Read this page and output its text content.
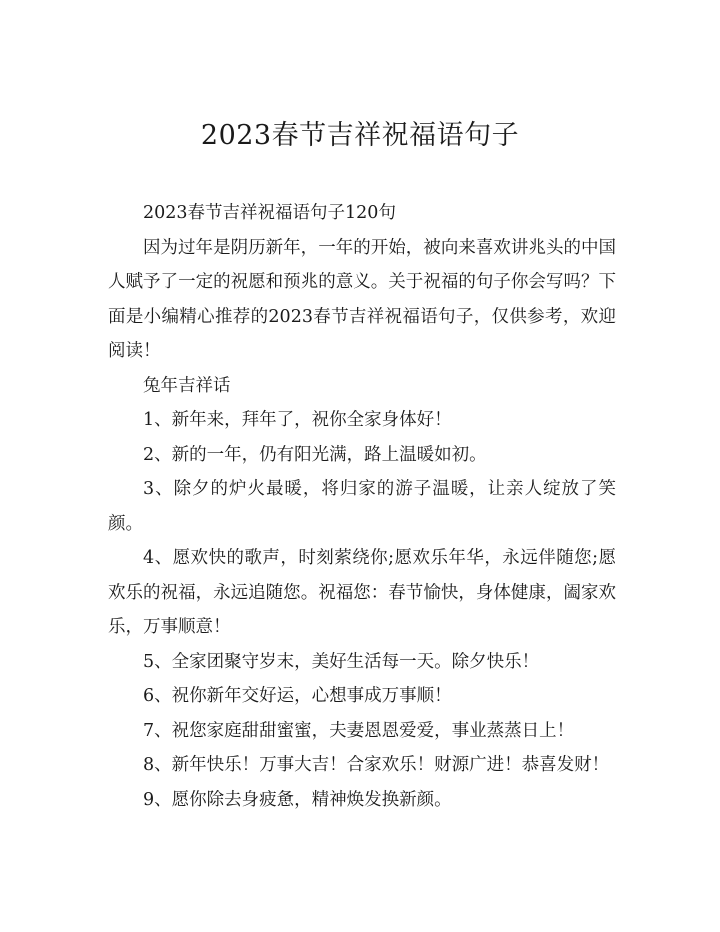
2023春节吉祥祝福语句子

2023春节吉祥祝福语句子120句

因为过年是阴历新年，一年的开始，被向来喜欢讲兆头的中国人赋予了一定的祝愿和预兆的意义。关于祝福的句子你会写吗？下面是小编精心推荐的2023春节吉祥祝福语句子，仅供参考，欢迎阅读！

兔年吉祥话

1、新年来，拜年了，祝你全家身体好！

2、新的一年，仍有阳光满，路上温暖如初。

3、除夕的炉火最暖，将归家的游子温暖，让亲人绽放了笑颜。

4、愿欢快的歌声，时刻萦绕你;愿欢乐年华，永远伴随您;愿欢乐的祝福，永远追随您。祝福您：春节愉快，身体健康，阖家欢乐，万事顺意！

5、全家团聚守岁末，美好生活每一天。除夕快乐！

6、祝你新年交好运，心想事成万事顺！

7、祝您家庭甜甜蜜蜜，夫妻恩恩爱爱，事业蒸蒸日上！

8、新年快乐！万事大吉！合家欢乐！财源广进！恭喜发财！

9、愿你除去身疲惫，精神焕发换新颜。
